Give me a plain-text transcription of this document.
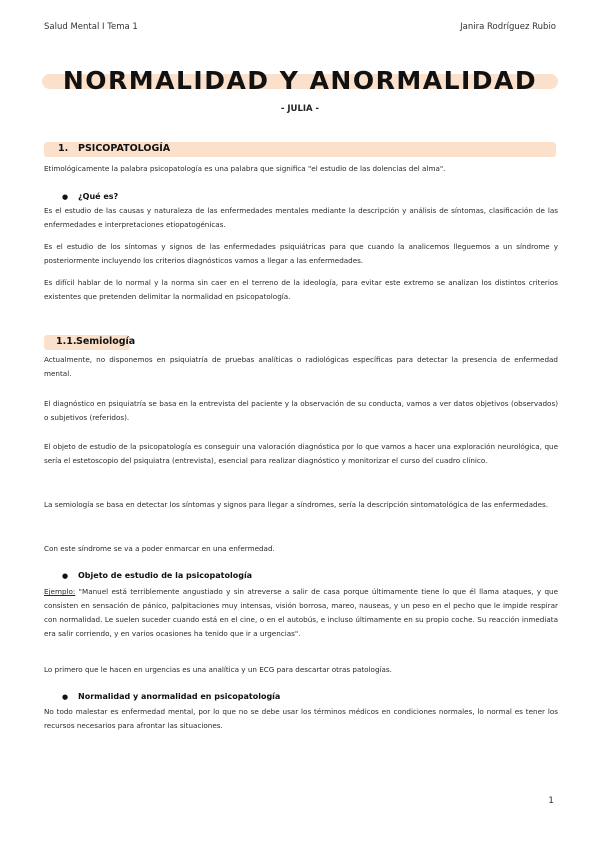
Salud Mental I Tema 1	Janira Rodríguez Rubio
NORMALIDAD Y ANORMALIDAD
- JULIA -
1. PSICOPATOLOGÍA
Etimológicamente la palabra psicopatología es una palabra que significa "el estudio de las dolencias del alma".
● ¿Qué es?
Es el estudio de las causas y naturaleza de las enfermedades mentales mediante la descripción y análisis de síntomas, clasificación de las enfermedades e interpretaciones etiopatogénicas.
Es el estudio de los síntomas y signos de las enfermedades psiquiátricas para que cuando la analicemos lleguemos a un síndrome y posteriormente incluyendo los criterios diagnósticos vamos a llegar a las enfermedades.
Es difícil hablar de lo normal y la norma sin caer en el terreno de la ideología, para evitar este extremo se analizan los distintos criterios existentes que pretenden delimitar la normalidad en psicopatología.
1.1.Semiología
Actualmente, no disponemos en psiquiatría de pruebas analíticas o radiológicas específicas para detectar la presencia de enfermedad mental.
El diagnóstico en psiquiatría se basa en la entrevista del paciente y la observación de su conducta, vamos a ver datos objetivos (observados) o subjetivos (referidos).
El objeto de estudio de la psicopatología es conseguir una valoración diagnóstica por lo que vamos a hacer una exploración neurológica, que sería el estetoscopio del psiquiatra (entrevista), esencial para realizar diagnóstico y monitorizar el curso del cuadro clínico.
La semiología se basa en detectar los síntomas y signos para llegar a síndromes, sería la descripción sintomatológica de las enfermedades.
Con este síndrome se va a poder enmarcar en una enfermedad.
● Objeto de estudio de la psicopatología
Ejemplo: "Manuel está terriblemente angustiado y sin atreverse a salir de casa porque últimamente tiene lo que él llama ataques, y que consisten en sensación de pánico, palpitaciones muy intensas, visión borrosa, mareo, nauseas, y un peso en el pecho que le impide respirar con normalidad. Le suelen suceder cuando está en el cine, o en el autobús, e incluso últimamente en su propio coche. Su reacción inmediata era salir corriendo, y en varios ocasiones ha tenido que ir a urgencias".
Lo primero que le hacen en urgencias es una analítica y un ECG para descartar otras patologías.
● Normalidad y anormalidad en psicopatología
No todo malestar es enfermedad mental, por lo que no se debe usar los términos médicos en condiciones normales, lo normal es tener los recursos necesarios para afrontar las situaciones.
1
